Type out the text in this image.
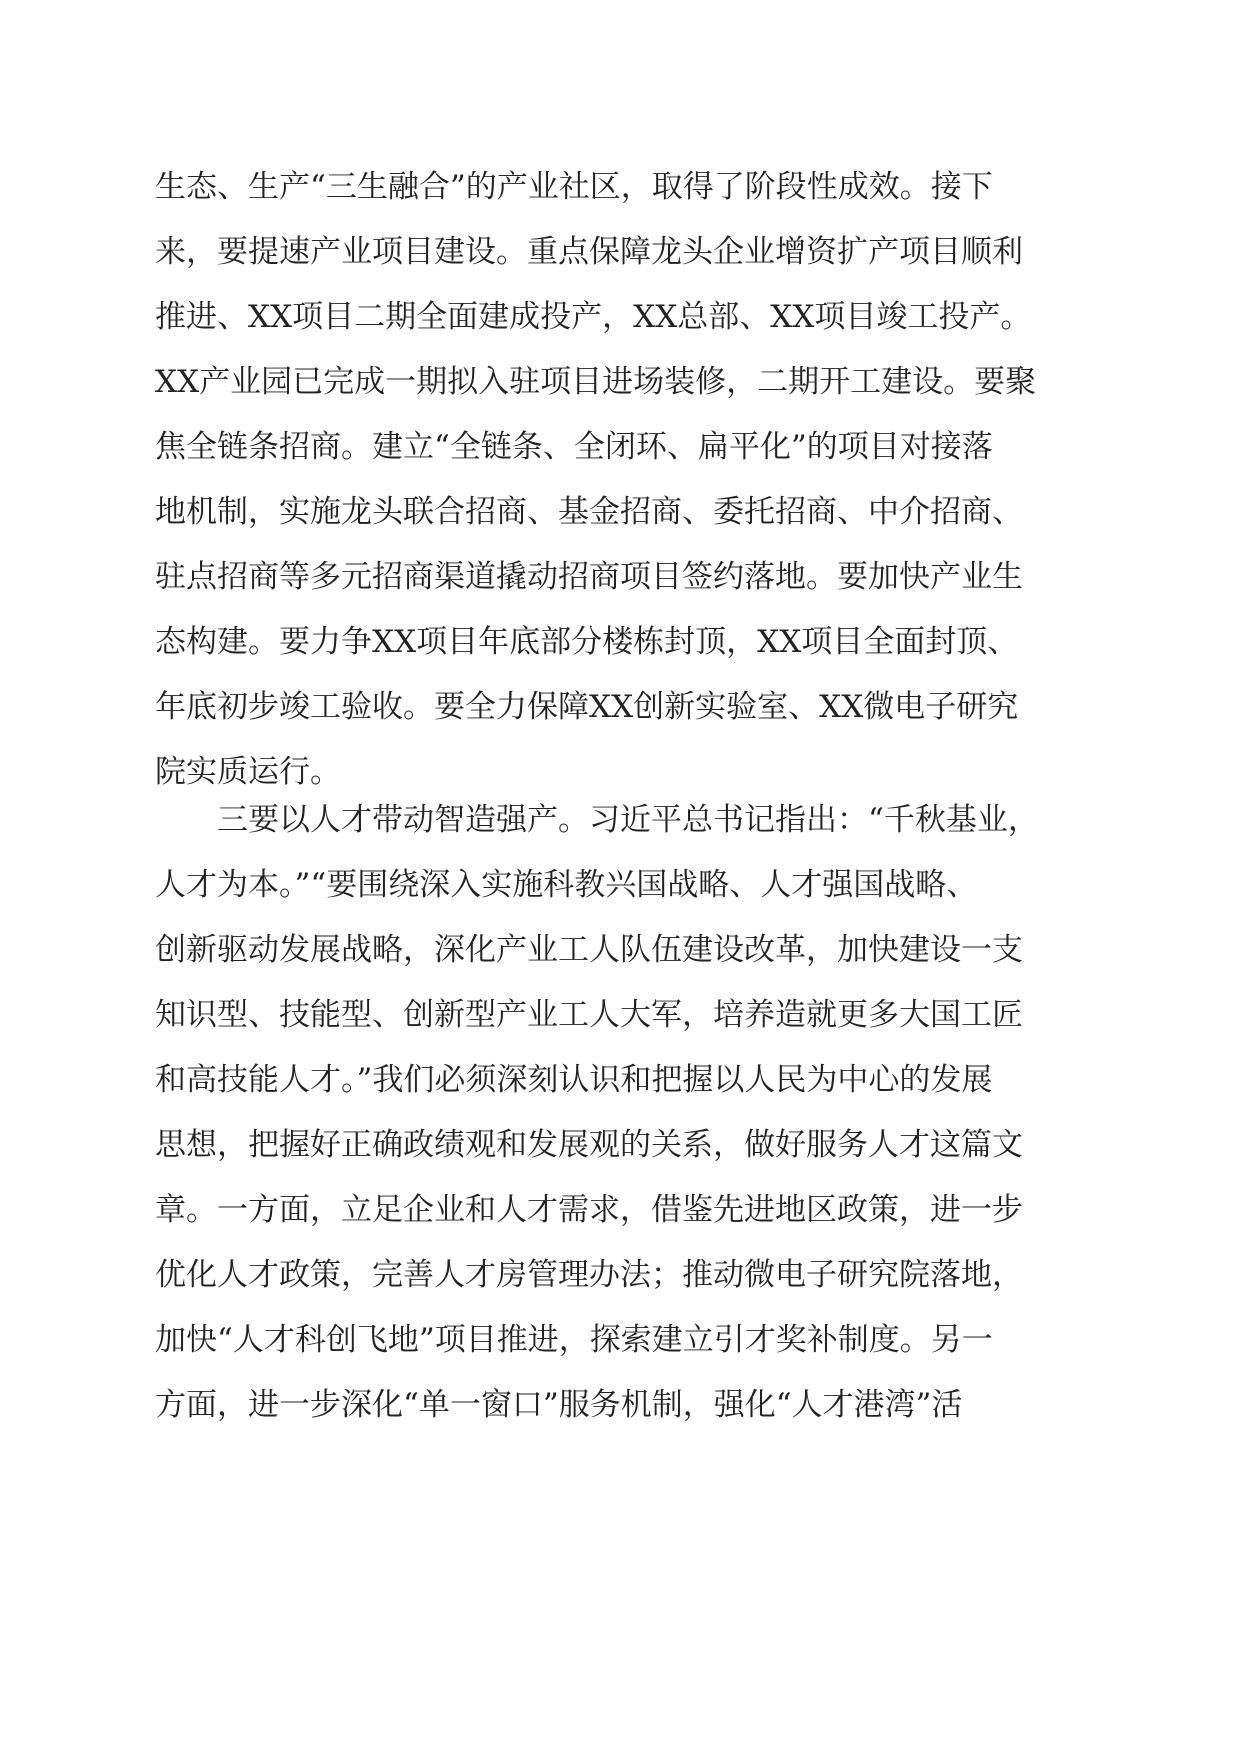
生态、生产“三生融合”的产业社区，取得了阶段性成效。接下
来，要提速产业项目建设。重点保障龙头企业增资扩产项目顺利
推进、XX项目二期全面建成投产，XX总部、XX项目竣工投产。
XX产业园已完成一期拟入驻项目进场装修，二期开工建设。要聚
焦全链条招商。建立“全链条、全闭环、扁平化”的项目对接落
地机制，实施龙头联合招商、基金招商、委托招商、中介招商、
驻点招商等多元招商渠道撬动招商项目签约落地。要加快产业生
态构建。要力争XX项目年底部分楼栋封顶，XX项目全面封顶、
年底初步竣工验收。要全力保障XX创新实验室、XX微电子研究
院实质运行。
　　三要以人才带动智造强产。习近平总书记指出：“千秋基业，
人才为本。”“要围绕深入实施科教兴国战略、人才强国战略、
创新驱动发展战略，深化产业工人队伍建设改革，加快建设一支
知识型、技能型、创新型产业工人大军，培养造就更多大国工匠
和高技能人才。”我们必须深刻认识和把握以人民为中心的发展
思想，把握好正确政绩观和发展观的关系，做好服务人才这篇文
章。一方面，立足企业和人才需求，借鉴先进地区政策，进一步
优化人才政策，完善人才房管理办法；推动微电子研究院落地，
加快“人才科创飞地”项目推进，探索建立引才奖补制度。另一
方面，进一步深化“单一窗口”服务机制，强化“人才港湾”活
